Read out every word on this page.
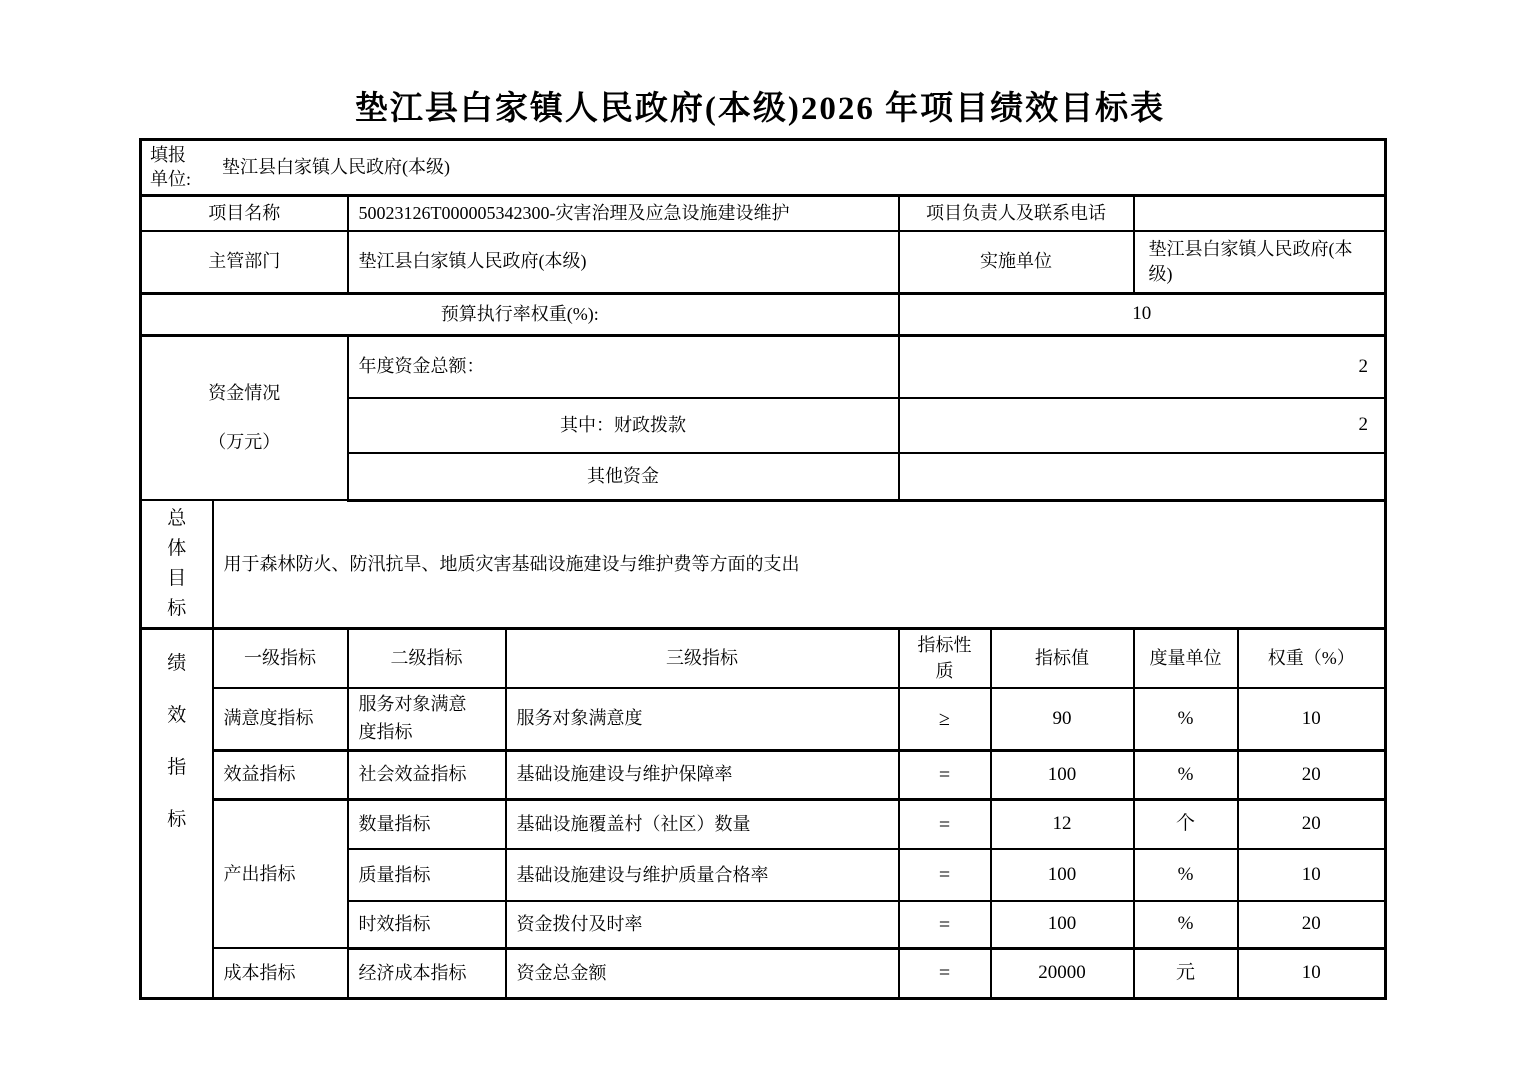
垫江县白家镇人民政府(本级)2026 年项目绩效目标表
填报单位:
垫江县白家镇人民政府(本级)							

项目名称		50023126T000005342300-灾害治理及应急设施建设维护		项目负责人及联系电话			
主管部门		垫江县白家镇人民政府(本级)		实施单位		垫江县白家镇人民政府(本级)	
预算执行率权重(%):				10			

资金情况
（万元）		年度资金总额：		2			
		其中：财政拨款		2			
		其他资金					
总体目标	用于森林防火、防汛抗旱、地质灾害基础设施建设与维护费等方面的支出						
绩效指标	一级指标	二级指标	三级指标	指标性质	指标值	度量单位	权重（%）
	满意度指标	服务对象满意度指标	服务对象满意度	≥	90	%	10
	效益指标	社会效益指标	基础设施建设与维护保障率	=	100	%	20
	产出指标	数量指标	基础设施覆盖村（社区）数量	=	12	个	20
		质量指标	基础设施建设与维护质量合格率	=	100	%	10
		时效指标	资金拨付及时率	=	100	%	20
	成本指标	经济成本指标	资金总金额	=	20000	元	10
